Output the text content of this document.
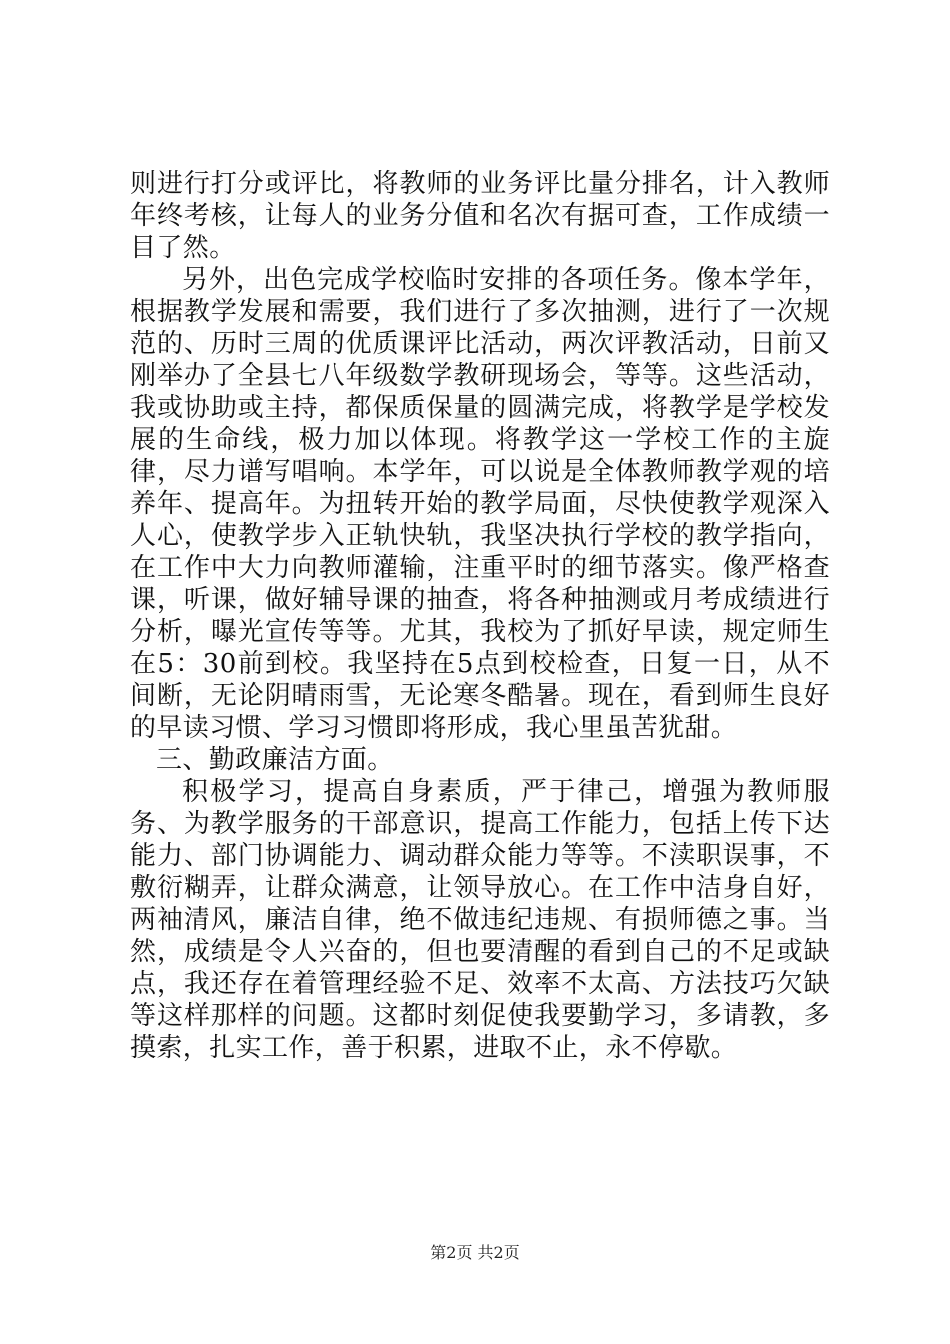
则进行打分或评比，将教师的业务评比量分排名，计入教师年终考核，让每人的业务分值和名次有据可查，工作成绩一目了然。

另外，出色完成学校临时安排的各项任务。像本学年，根据教学发展和需要，我们进行了多次抽测，进行了一次规范的、历时三周的优质课评比活动，两次评教活动，日前又刚举办了全县七八年级数学教研现场会，等等。这些活动，我或协助或主持，都保质保量的圆满完成，将教学是学校发展的生命线，极力加以体现。将教学这一学校工作的主旋律，尽力谱写唱响。本学年，可以说是全体教师教学观的培养年、提高年。为扭转开始的教学局面，尽快使教学观深入人心，使教学步入正轨快轨，我坚决执行学校的教学指向，在工作中大力向教师灌输，注重平时的细节落实。像严格查课，听课，做好辅导课的抽查，将各种抽测或月考成绩进行分析，曝光宣传等等。尤其，我校为了抓好早读，规定师生在5：30前到校。我坚持在5点到校检查，日复一日，从不间断，无论阴晴雨雪，无论寒冬酷暑。现在，看到师生良好的早读习惯、学习习惯即将形成，我心里虽苦犹甜。

三、勤政廉洁方面。

积极学习，提高自身素质，严于律己，增强为教师服务、为教学服务的干部意识，提高工作能力，包括上传下达能力、部门协调能力、调动群众能力等等。不渎职误事，不敷衍糊弄，让群众满意，让领导放心。在工作中洁身自好，两袖清风，廉洁自律，绝不做违纪违规、有损师德之事。当然，成绩是令人兴奋的，但也要清醒的看到自己的不足或缺点，我还存在着管理经验不足、效率不太高、方法技巧欠缺等这样那样的问题。这都时刻促使我要勤学习，多请教，多摸索，扎实工作，善于积累，进取不止，永不停歇。

第2页 共2页
